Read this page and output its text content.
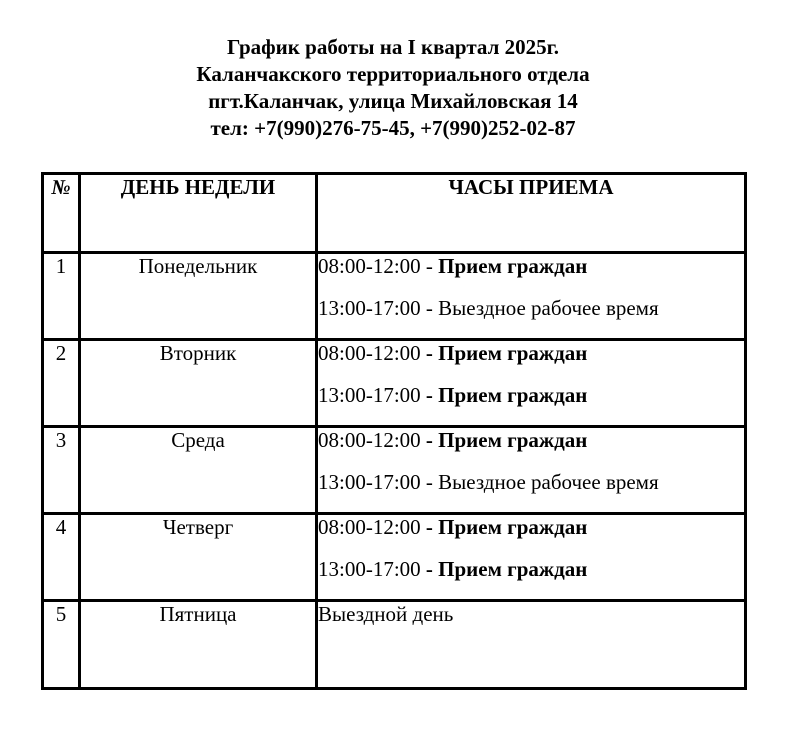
График работы на I квартал 2025г.
Каланчакского территориального отдела
пгт.Каланчак, улица Михайловская 14
тел: +7(990)276-75-45, +7(990)252-02-87
№	ДЕНЬ НЕДЕЛИ	ЧАСЫ ПРИЕМА
1	Понедельник	08:00-12:00 - Прием граждан
13:00-17:00 - Выездное рабочее время

2	Вторник	08:00-12:00 - Прием граждан
13:00-17:00 - Прием граждан

3	Среда	08:00-12:00 - Прием граждан
13:00-17:00 - Выездное рабочее время

4	Четверг	08:00-12:00 - Прием граждан
13:00-17:00 - Прием граждан

5	Пятница	Выездной день
